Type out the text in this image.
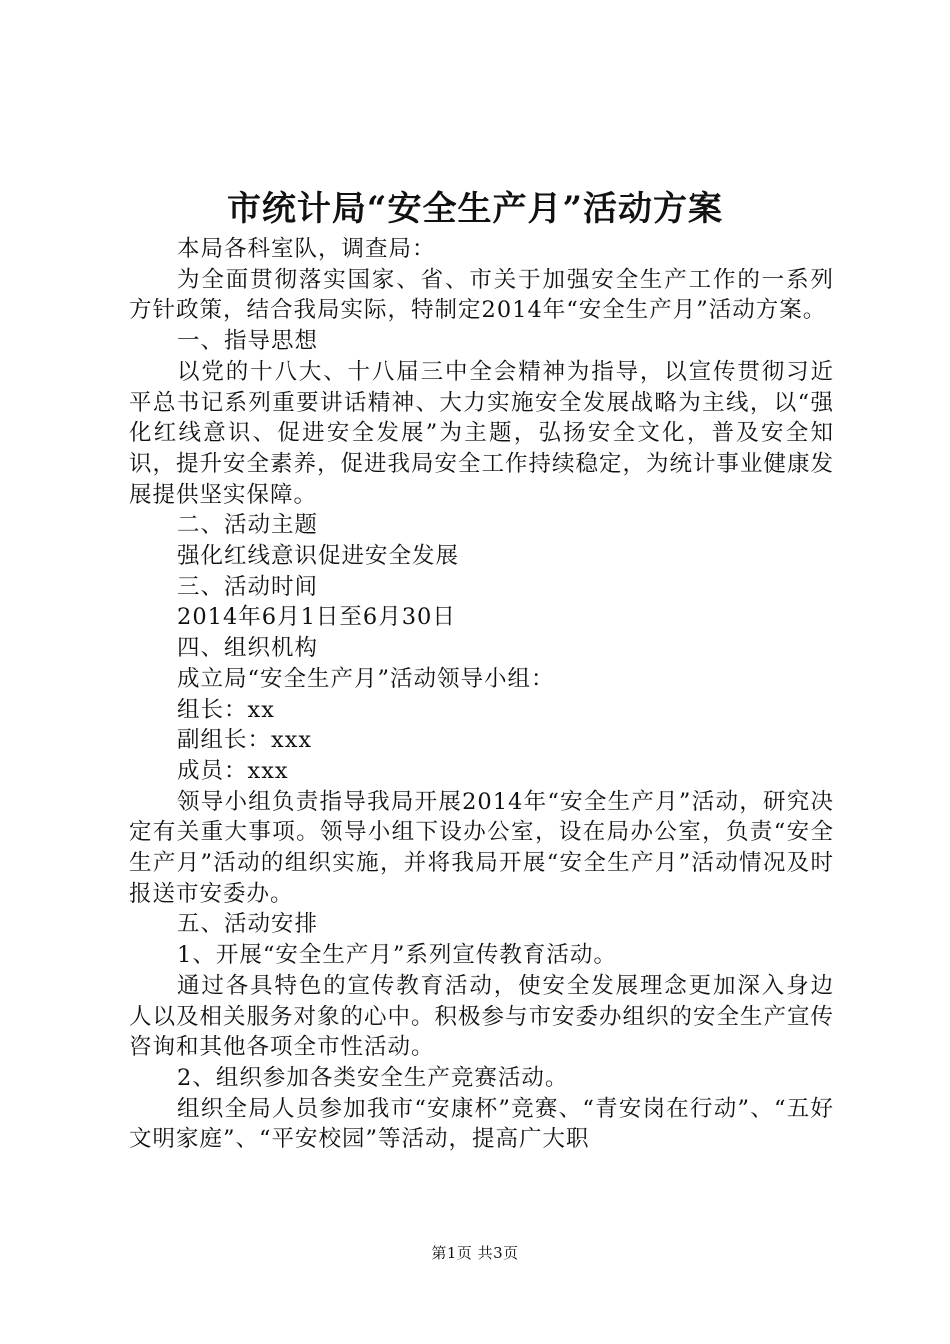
市统计局“安全生产月”活动方案

本局各科室队，调查局：

为全面贯彻落实国家、省、市关于加强安全生产工作的一系列方针政策，结合我局实际，特制定2014年“安全生产月”活动方案。

一、指导思想

以党的十八大、十八届三中全会精神为指导，以宣传贯彻习近平总书记系列重要讲话精神、大力实施安全发展战略为主线，以“强化红线意识、促进安全发展”为主题，弘扬安全文化，普及安全知识，提升安全素养，促进我局安全工作持续稳定，为统计事业健康发展提供坚实保障。

二、活动主题

强化红线意识促进安全发展

三、活动时间

2014年6月1日至6月30日

四、组织机构

成立局“安全生产月”活动领导小组：

组长：xx

副组长：xxx

成员：xxx

领导小组负责指导我局开展2014年“安全生产月”活动，研究决定有关重大事项。领导小组下设办公室，设在局办公室，负责“安全生产月”活动的组织实施，并将我局开展“安全生产月”活动情况及时报送市安委办。

五、活动安排

1、开展“安全生产月”系列宣传教育活动。

通过各具特色的宣传教育活动，使安全发展理念更加深入身边人以及相关服务对象的心中。积极参与市安委办组织的安全生产宣传咨询和其他各项全市性活动。

2、组织参加各类安全生产竞赛活动。

组织全局人员参加我市“安康杯”竞赛、“青安岗在行动”、“五好文明家庭”、“平安校园”等活动，提高广大职

第1页 共3页
